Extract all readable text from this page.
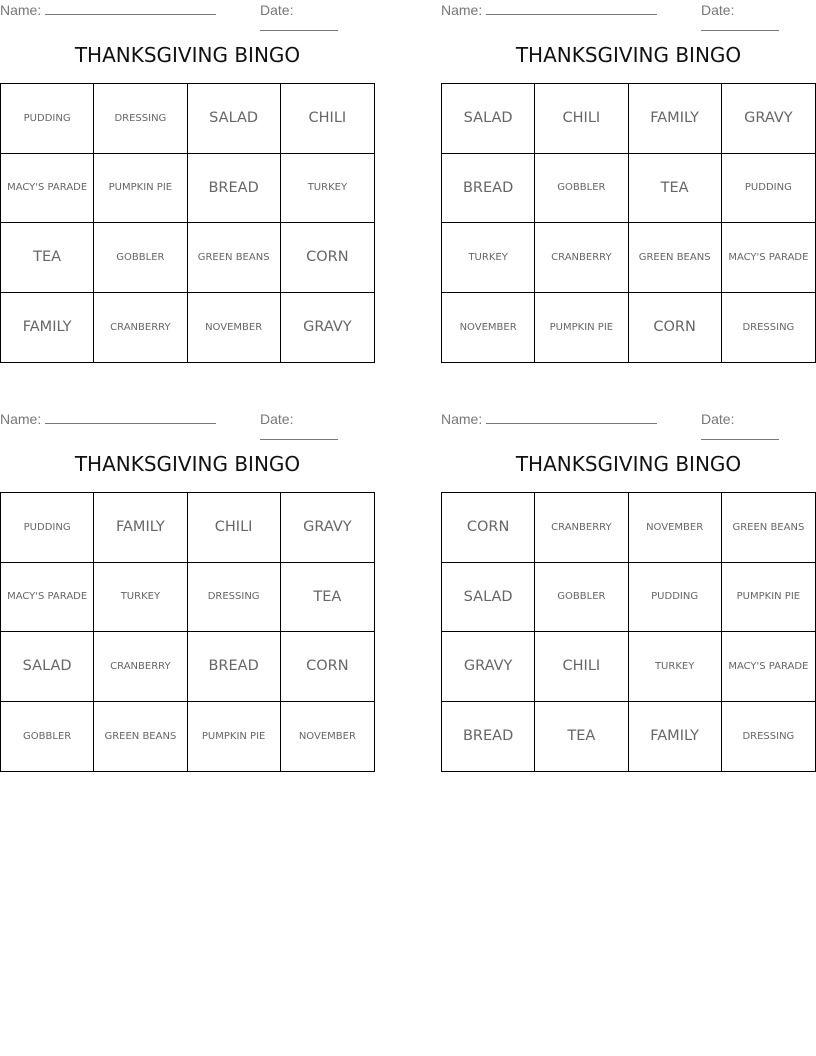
Name:	Date:
THANKSGIVING BINGO
PUDDING	DRESSING	SALAD	CHILI
MACY'S PARADE	PUMPKIN PIE	BREAD	TURKEY
TEA	GOBBLER	GREEN BEANS	CORN
FAMILY	CRANBERRY	NOVEMBER	GRAVY
Name:	Date:
THANKSGIVING BINGO
SALAD	CHILI	FAMILY	GRAVY
BREAD	GOBBLER	TEA	PUDDING
TURKEY	CRANBERRY	GREEN BEANS	MACY'S PARADE
NOVEMBER	PUMPKIN PIE	CORN	DRESSING
Name:	Date:
THANKSGIVING BINGO
PUDDING	FAMILY	CHILI	GRAVY
MACY'S PARADE	TURKEY	DRESSING	TEA
SALAD	CRANBERRY	BREAD	CORN
GOBBLER	GREEN BEANS	PUMPKIN PIE	NOVEMBER
Name:	Date:
THANKSGIVING BINGO
CORN	CRANBERRY	NOVEMBER	GREEN BEANS
SALAD	GOBBLER	PUDDING	PUMPKIN PIE
GRAVY	CHILI	TURKEY	MACY'S PARADE
BREAD	TEA	FAMILY	DRESSING
